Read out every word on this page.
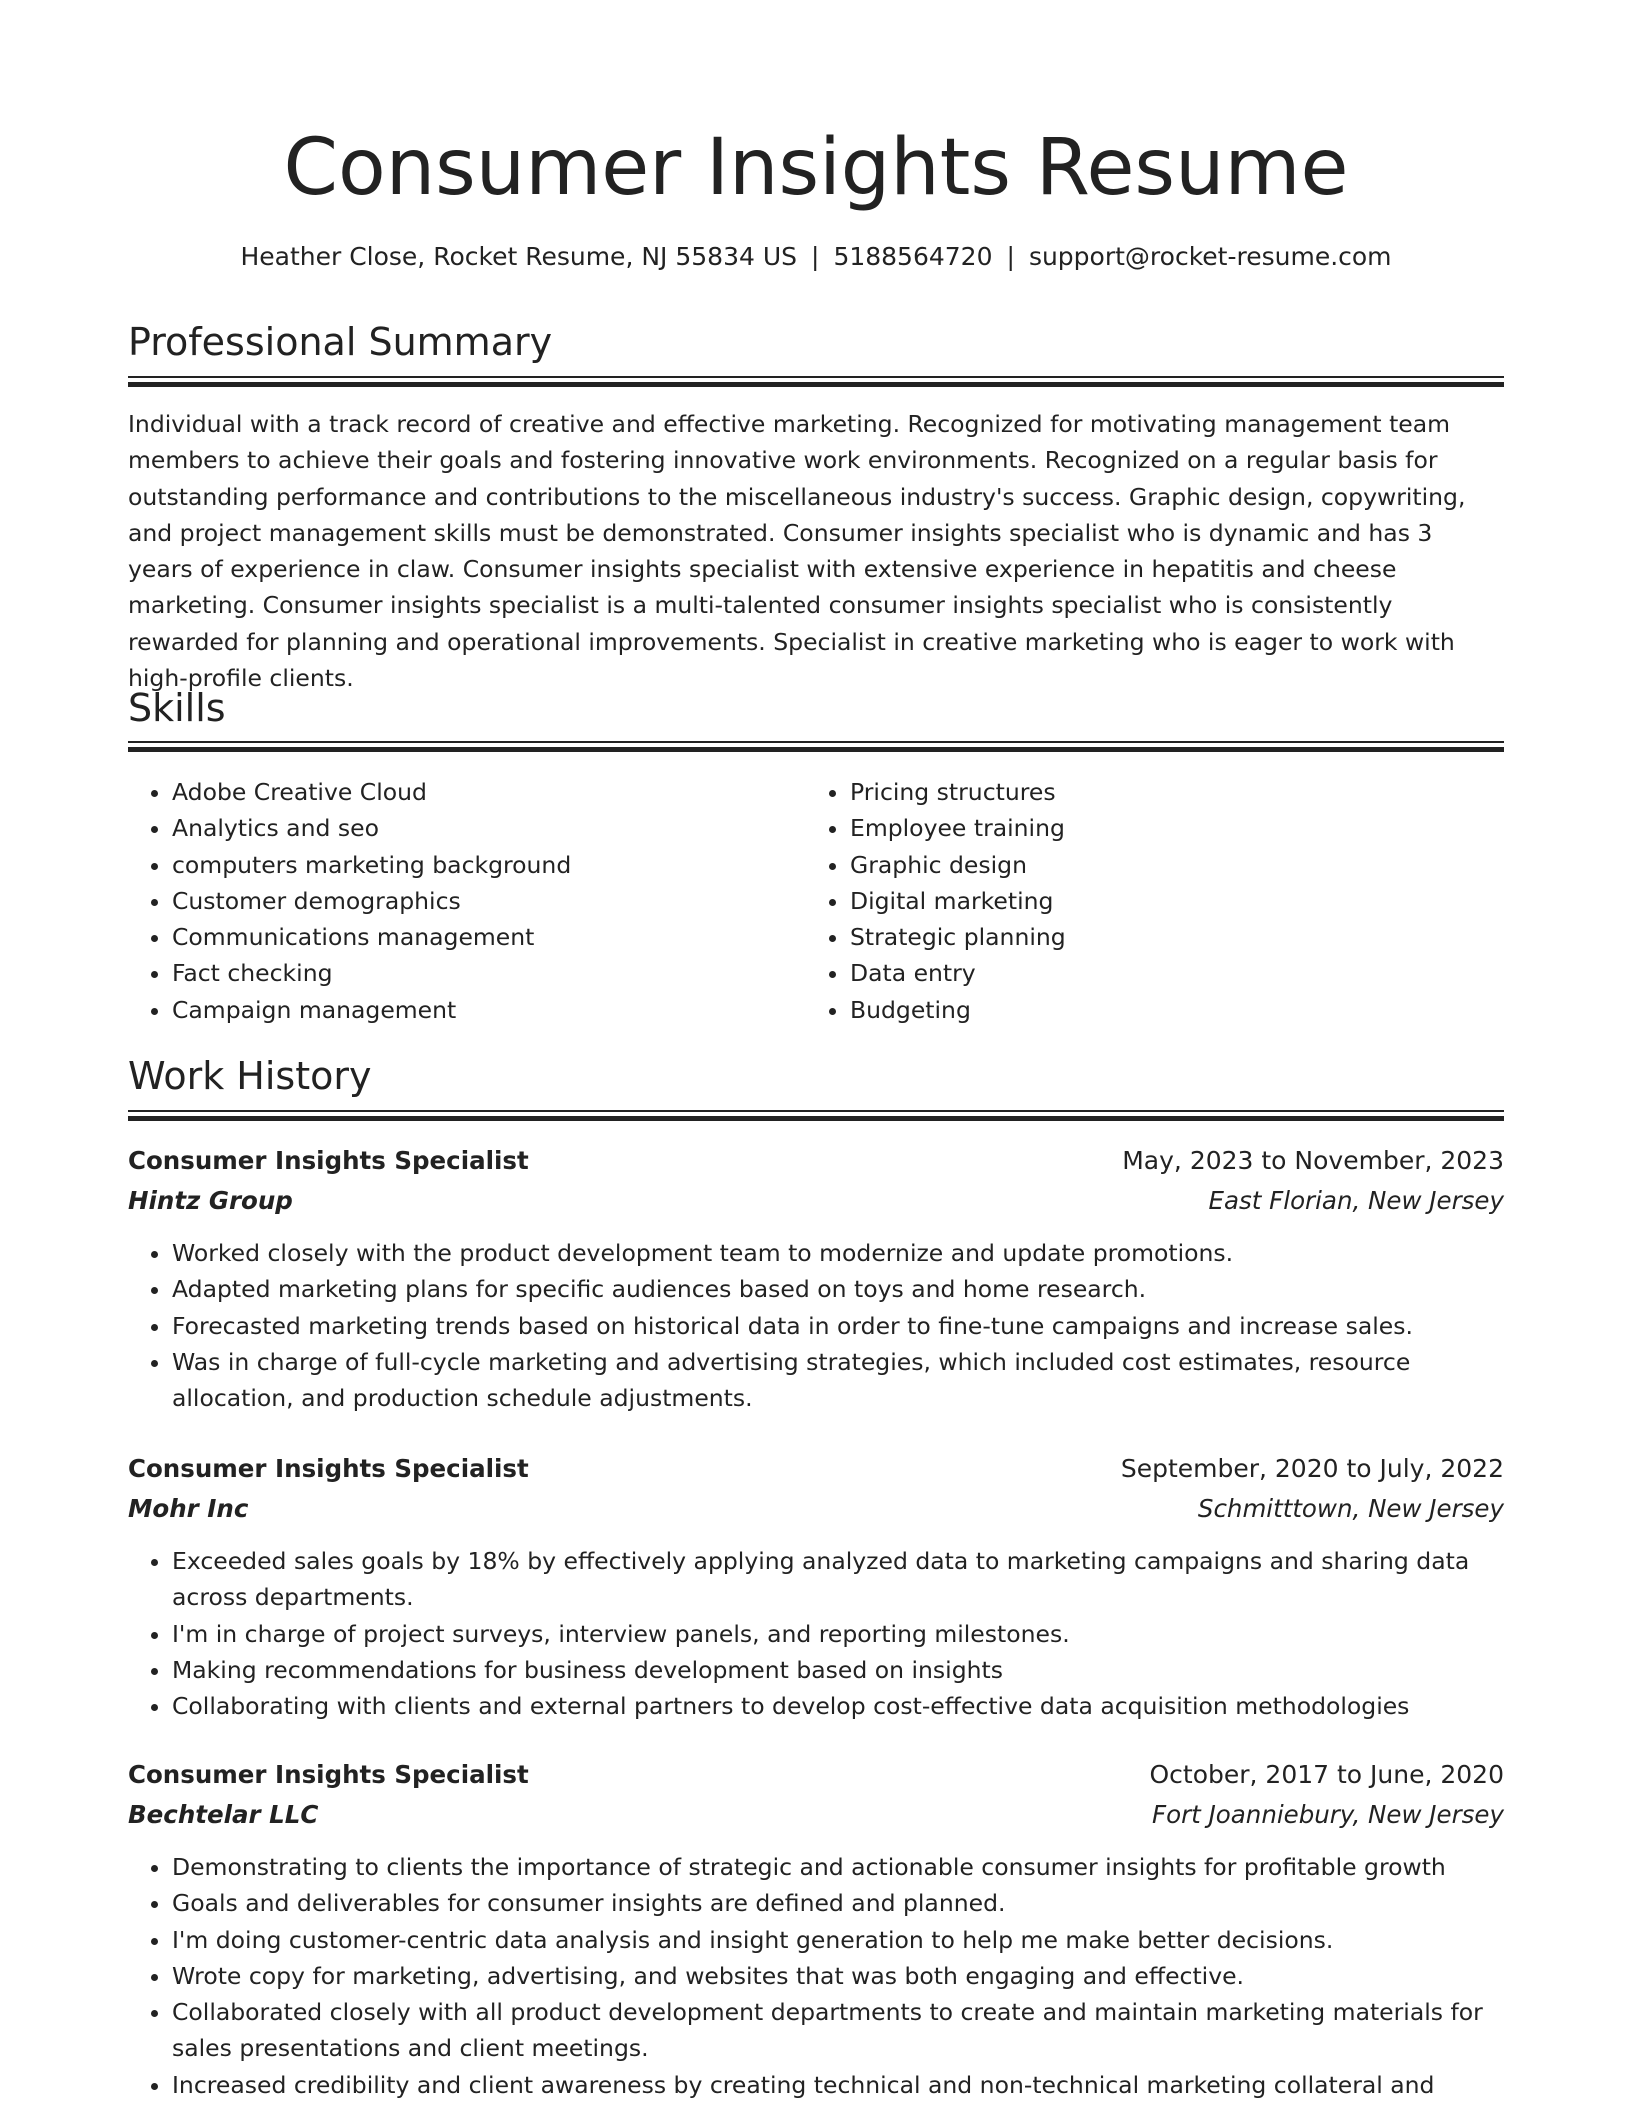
Consumer Insights Resume
Heather Close, Rocket Resume, NJ 55834 US | 5188564720 | support@rocket-resume.com
Professional Summary

Individual with a track record of creative and effective marketing. Recognized for motivating management team members to achieve their goals and fostering innovative work environments. Recognized on a regular basis for outstanding performance and contributions to the miscellaneous industry's success. Graphic design, copywriting, and project management skills must be demonstrated. Consumer insights specialist who is dynamic and has 3 years of experience in claw. Consumer insights specialist with extensive experience in hepatitis and cheese marketing. Consumer insights specialist is a multi-talented consumer insights specialist who is consistently rewarded for planning and operational improvements. Specialist in creative marketing who is eager to work with high-profile clients.

Skills
• Adobe Creative Cloud
• Analytics and seo
• computers marketing background
• Customer demographics
• Communications management
• Fact checking
• Campaign management
• Pricing structures
• Employee training
• Graphic design
• Digital marketing
• Strategic planning
• Data entry
• Budgeting
Work History
Consumer Insights Specialist	May, 2023 to November, 2023
Hintz Group	East Florian, New Jersey
• Worked closely with the product development team to modernize and update promotions.
• Adapted marketing plans for specific audiences based on toys and home research.
• Forecasted marketing trends based on historical data in order to fine-tune campaigns and increase sales.
• Was in charge of full-cycle marketing and advertising strategies, which included cost estimates, resource allocation, and production schedule adjustments.
Consumer Insights Specialist	September, 2020 to July, 2022
Mohr Inc	Schmitttown, New Jersey
• Exceeded sales goals by 18% by effectively applying analyzed data to marketing campaigns and sharing data across departments.
• I'm in charge of project surveys, interview panels, and reporting milestones.
• Making recommendations for business development based on insights
• Collaborating with clients and external partners to develop cost-effective data acquisition methodologies
Consumer Insights Specialist	October, 2017 to June, 2020
Bechtelar LLC	Fort Joanniebury, New Jersey
• Demonstrating to clients the importance of strategic and actionable consumer insights for profitable growth
• Goals and deliverables for consumer insights are defined and planned.
• I'm doing customer-centric data analysis and insight generation to help me make better decisions.
• Wrote copy for marketing, advertising, and websites that was both engaging and effective.
• Collaborated closely with all product development departments to create and maintain marketing materials for sales presentations and client meetings.
• Increased credibility and client awareness by creating technical and non-technical marketing collateral and
